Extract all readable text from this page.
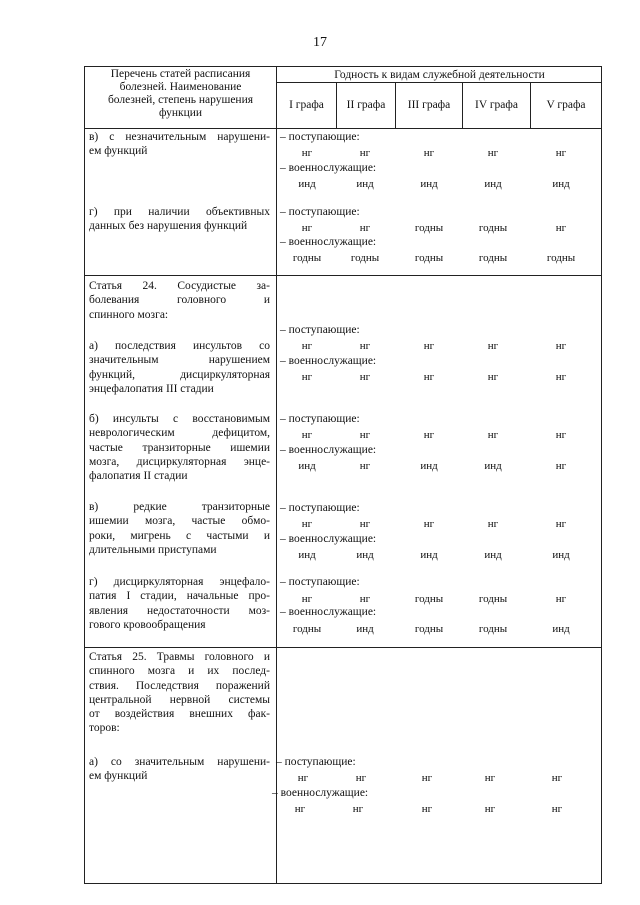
17
Перечень статей расписания
болезней. Наименование
болезней, степень нарушения
функции
Годность к видам служебной деятельности
I графа	II графа	III графа	IV графа	V графа
в) с незначительным нарушени-
ем функций
– поступающие:
нг	нг	нг	нг	нг
– военнослужащие:
инд	инд	инд	инд	инд
г) при наличии объективных
данных без нарушения функций
– поступающие:
нг	нг	годны	годны	нг
– военнослужащие:
годны	годны	годны	годны	годны
Статья 24. Сосудистые за-
болевания головного и
спинного мозга:
а) последствия инсультов со
значительным нарушением
функций, дисциркуляторная
энцефалопатия III стадии
– поступающие:
нг	нг	нг	нг	нг
– военнослужащие:
нг	нг	нг	нг	нг
б) инсульты с восстановимым
неврологическим дефицитом,
частые транзиторные ишемии
мозга, дисциркуляторная энце-
фалопатия II стадии
– поступающие:
нг	нг	нг	нг	нг
– военнослужащие:
инд	нг	инд	инд	нг
в) редкие транзиторные
ишемии мозга, частые обмо-
роки, мигрень с частыми и
длительными приступами
– поступающие:
нг	нг	нг	нг	нг
– военнослужащие:
инд	инд	инд	инд	инд
г) дисциркуляторная энцефало-
патия I стадии, начальные про-
явления недостаточности моз-
гового кровообращения
– поступающие:
нг	нг	годны	годны	нг
– военнослужащие:
годны	инд	годны	годны	инд
Статья 25. Травмы головного и
спинного мозга и их послед-
ствия. Последствия поражений
центральной нервной системы
от воздействия внешних фак-
торов:
а) со значительным нарушени-
ем функций
– поступающие:
нг	нг	нг	нг	нг
– военнослужащие:
нг	нг	нг	нг	нг
